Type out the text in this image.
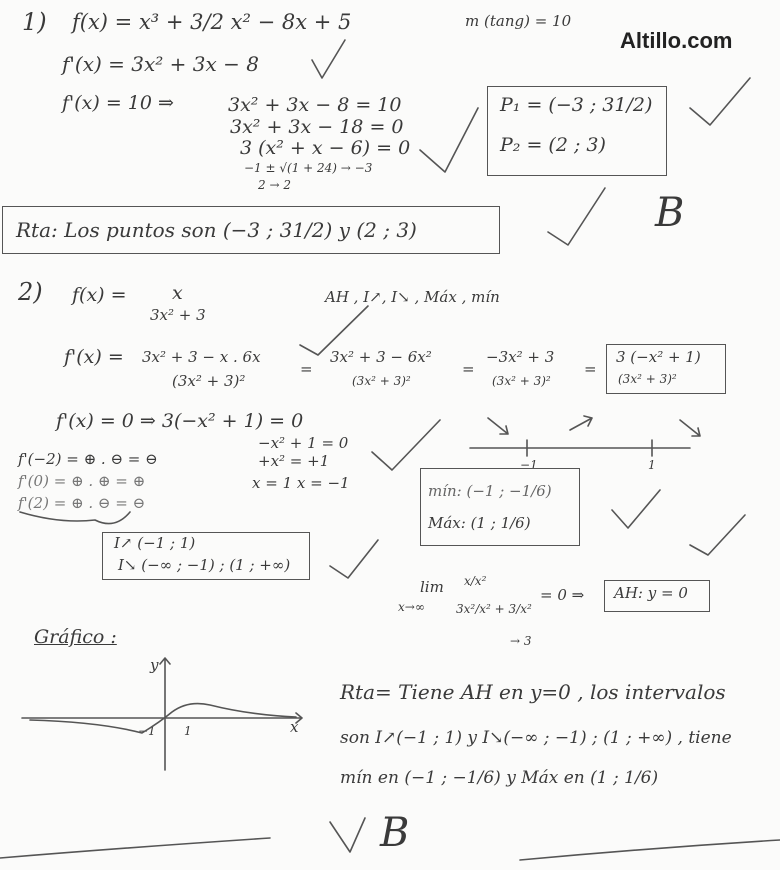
Altillo.com
1) f(x) = x³ + 3/2 x² − 8x + 5	m (tang) = 10
f'(x) = 3x² + 3x − 8
f'(x) = 10 ⇒	3x² + 3x − 8 = 10
3x² + 3x − 18 = 0
3 (x² + x − 6) = 0
−1 ± √(1 + 24) → −3
2 → 2
P₁ = (−3 ; 31/2)
P₂ = (2 ; 3)
Rta: Los puntos son (−3 ; 31/2) y (2 ; 3)	B
2) f(x) = x
3x² + 3
AH , I↗, I↘ , Máx , mín
f'(x) = 3x² + 3 − x . 6x
(3x² + 3)²
=
3x² + 3 − 6x²
(3x² + 3)²
=
−3x² + 3
(3x² + 3)²
=
3 (−x² + 1)
(3x² + 3)²
f'(x) = 0 ⇒ 3(−x² + 1) = 0
−x² + 1 = 0
+x² = +1
x = 1 x = −1
f'(−2) = ⊕ . ⊖ = ⊖
f'(0) = ⊕ . ⊕ = ⊕
f'(2) = ⊕ . ⊖ = ⊖
I↗ (−1 ; 1)
I↘ (−∞ ; −1) ; (1 ; +∞)
−1	1
mín: (−1 ; −1/6)
Máx: (1 ; 1/6)
lim
x→∞
x/x²
3x²/x² + 3/x²
→ 3
= 0 ⇒ AH: y = 0
Gráfico :
y
x
−1 1
Rta= Tiene AH en y=0 , los intervalos
son I↗(−1 ; 1) y I↘(−∞ ; −1) ; (1 ; +∞) , tiene
mín en (−1 ; −1/6) y Máx en (1 ; 1/6)
B
